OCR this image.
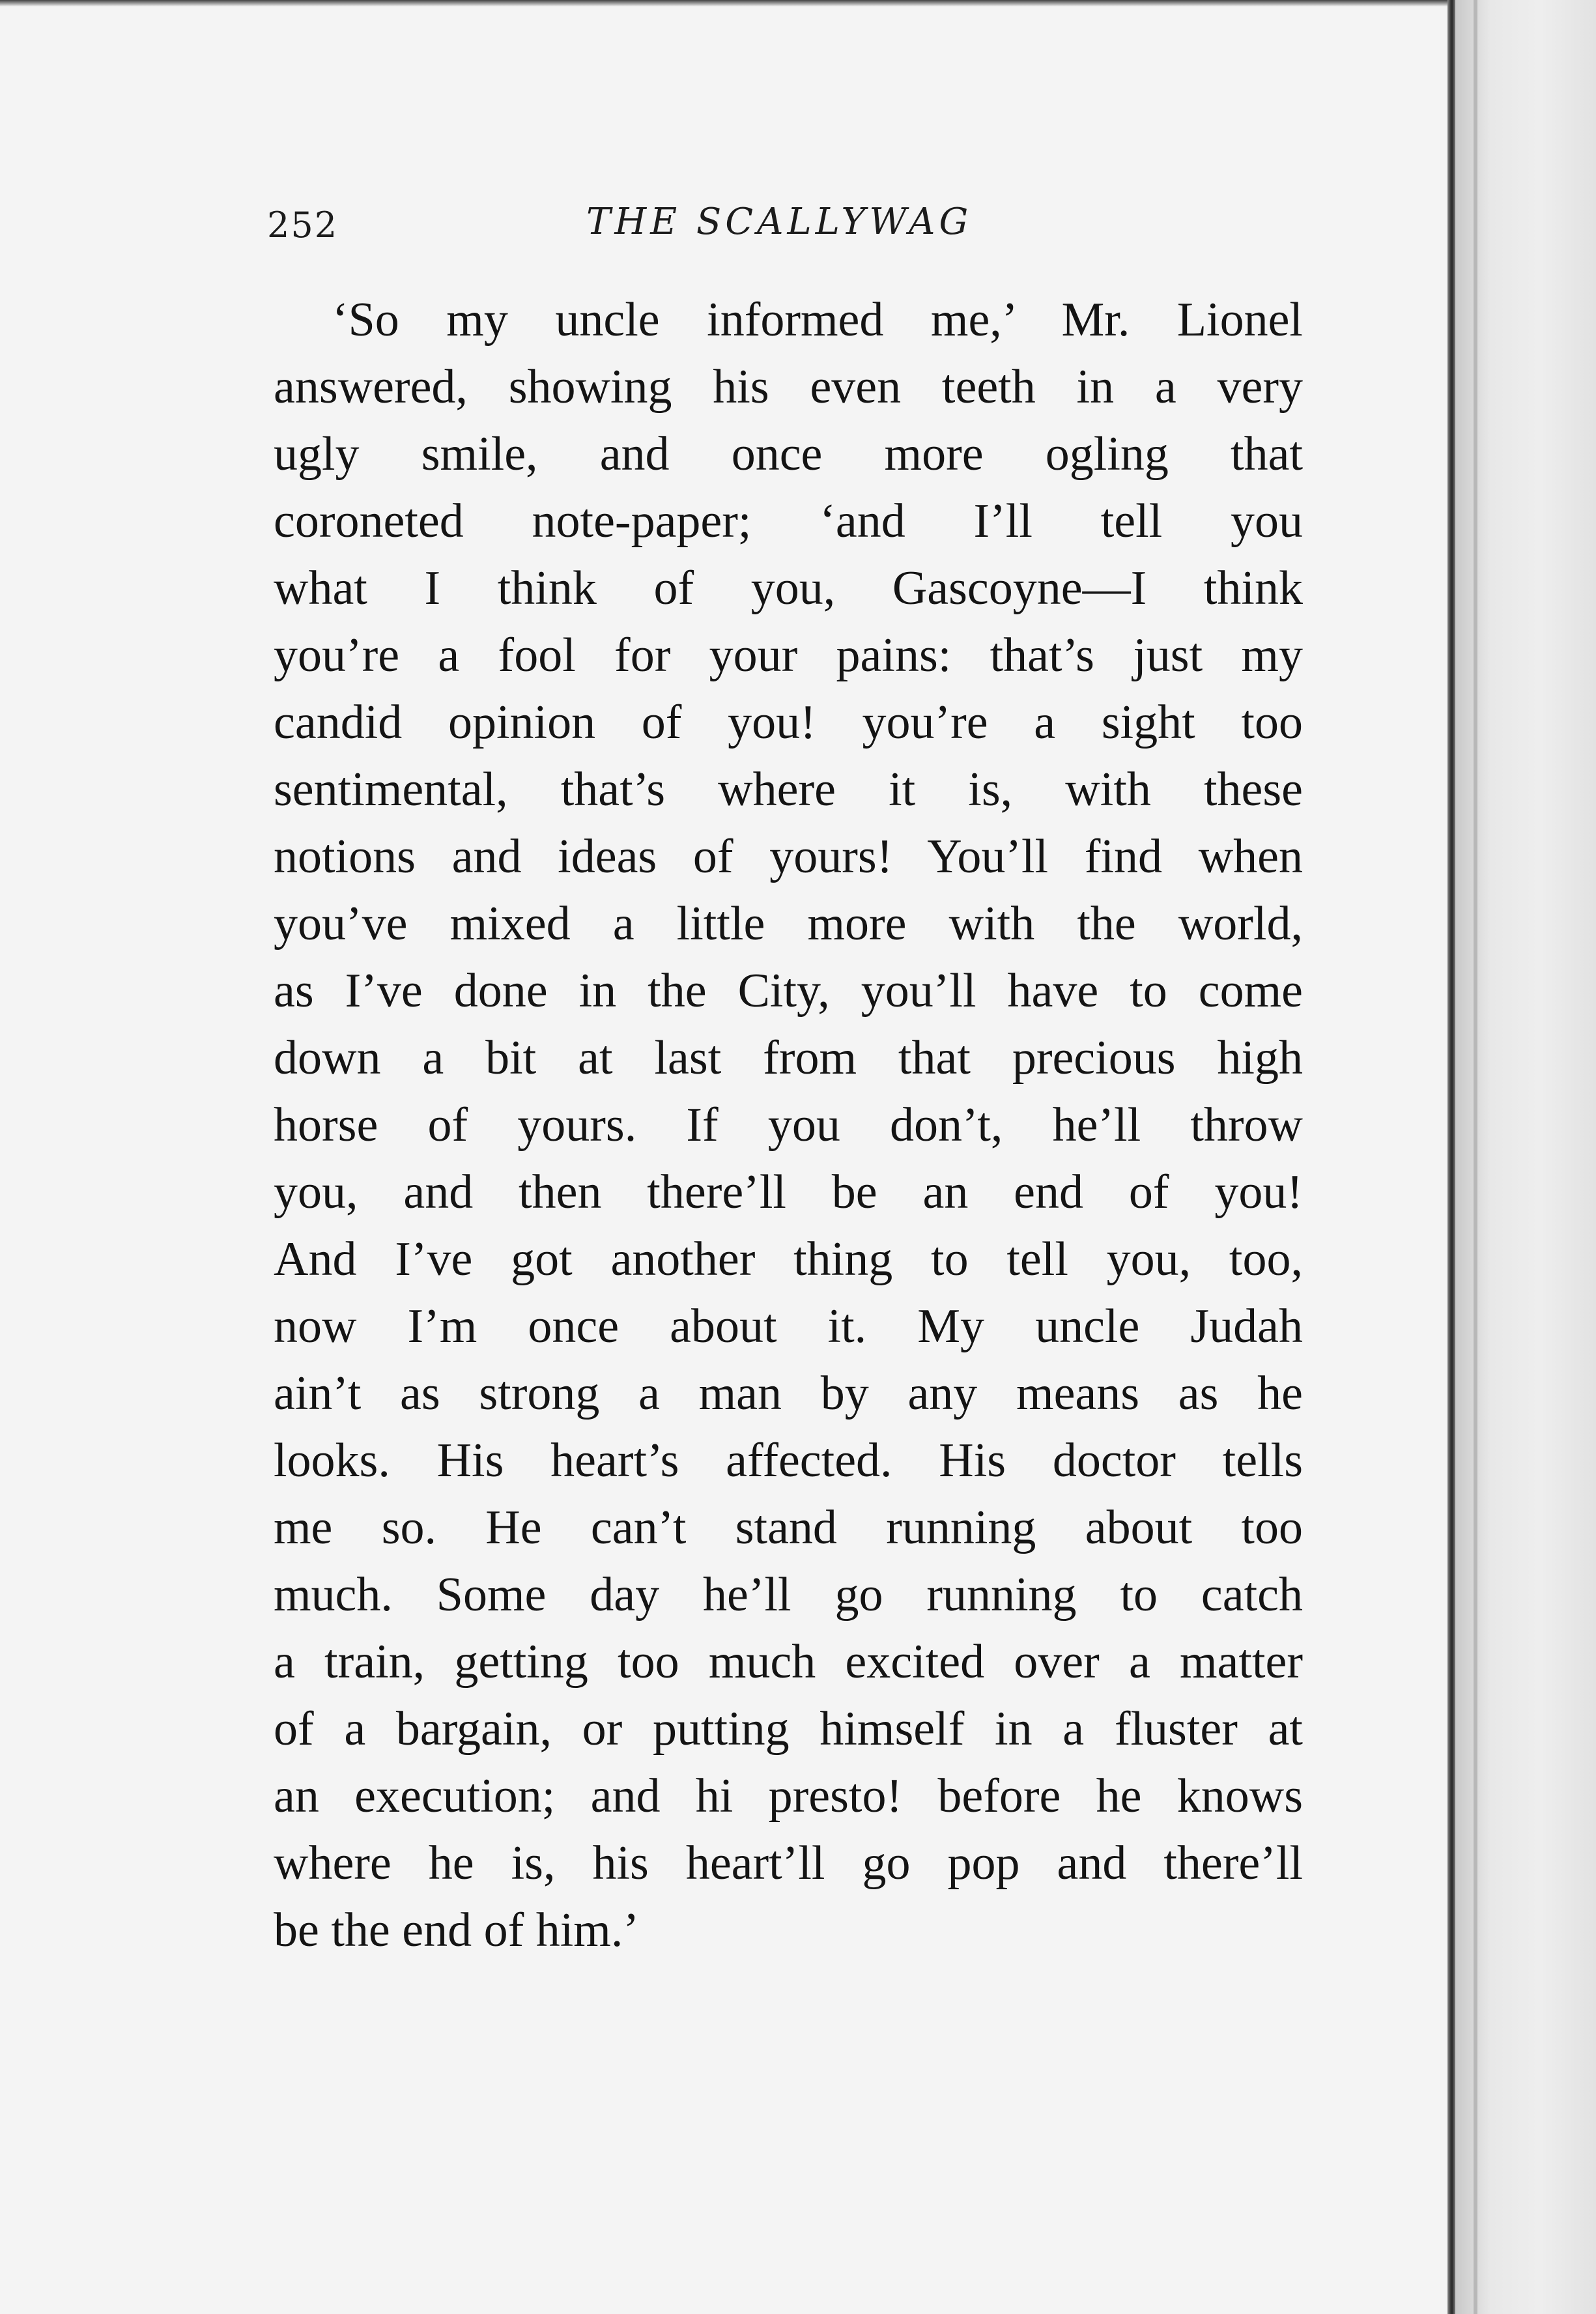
252	THE SCALLYWAG
‘So my uncle informed me,’ Mr. Lionel
answered, showing his even teeth in a very
ugly smile, and once more ogling that
coroneted note-paper; ‘and I’ll tell you
what I think of you, Gascoyne—I think
you’re a fool for your pains: that’s just my
candid opinion of you! you’re a sight too
sentimental, that’s where it is, with these
notions and ideas of yours! You’ll find when
you’ve mixed a little more with the world,
as I’ve done in the City, you’ll have to come
down a bit at last from that precious high
horse of yours. If you don’t, he’ll throw
you, and then there’ll be an end of you!
And I’ve got another thing to tell you, too,
now I’m once about it. My uncle Judah
ain’t as strong a man by any means as he
looks. His heart’s affected. His doctor tells
me so. He can’t stand running about too
much. Some day he’ll go running to catch
a train, getting too much excited over a matter
of a bargain, or putting himself in a fluster at
an execution; and hi presto! before he knows
where he is, his heart’ll go pop and there’ll
be the end of him.’
